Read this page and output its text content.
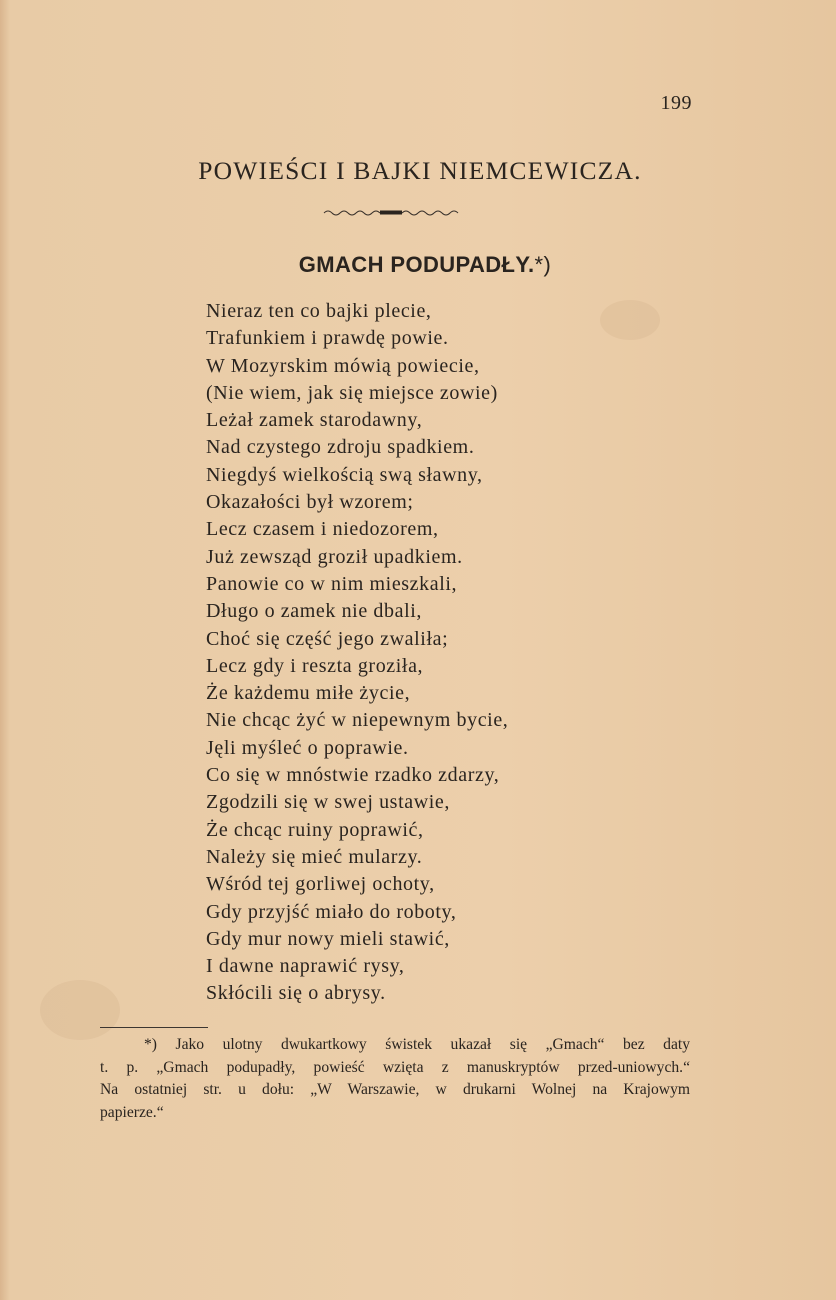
199
POWIEŚCI I BAJKI NIEMCEWICZA.
GMACH PODUPADŁY.*)
Nieraz ten co bajki plecie,
Trafunkiem i prawdę powie.
W Mozyrskim mówią powiecie,
(Nie wiem, jak się miejsce zowie)
Leżał zamek starodawny,
Nad czystego zdroju spadkiem.
Niegdyś wielkością swą sławny,
Okazałości był wzorem;
Lecz czasem i niedozorem,
Już zewsząd groził upadkiem.
Panowie co w nim mieszkali,
Długo o zamek nie dbali,
Choć się część jego zwaliła;
Lecz gdy i reszta groziła,
Że każdemu miłe życie,
Nie chcąc żyć w niepewnym bycie,
Jęli myśleć o poprawie.
Co się w mnóstwie rzadko zdarzy,
Zgodzili się w swej ustawie,
Że chcąc ruiny poprawić,
Należy się mieć mularzy.
Wśród tej gorliwej ochoty,
Gdy przyjść miało do roboty,
Gdy mur nowy mieli stawić,
I dawne naprawić rysy,
Skłócili się o abrysy.

*) Jako ulotny dwukartkowy świstek ukazał się „Gmach“ bez daty

t. p. „Gmach podupadły, powieść wzięta z manuskryptów przed-uniowych.“

Na ostatniej str. u dołu: „W Warszawie, w drukarni Wolnej na Krajowym

papierze.“
